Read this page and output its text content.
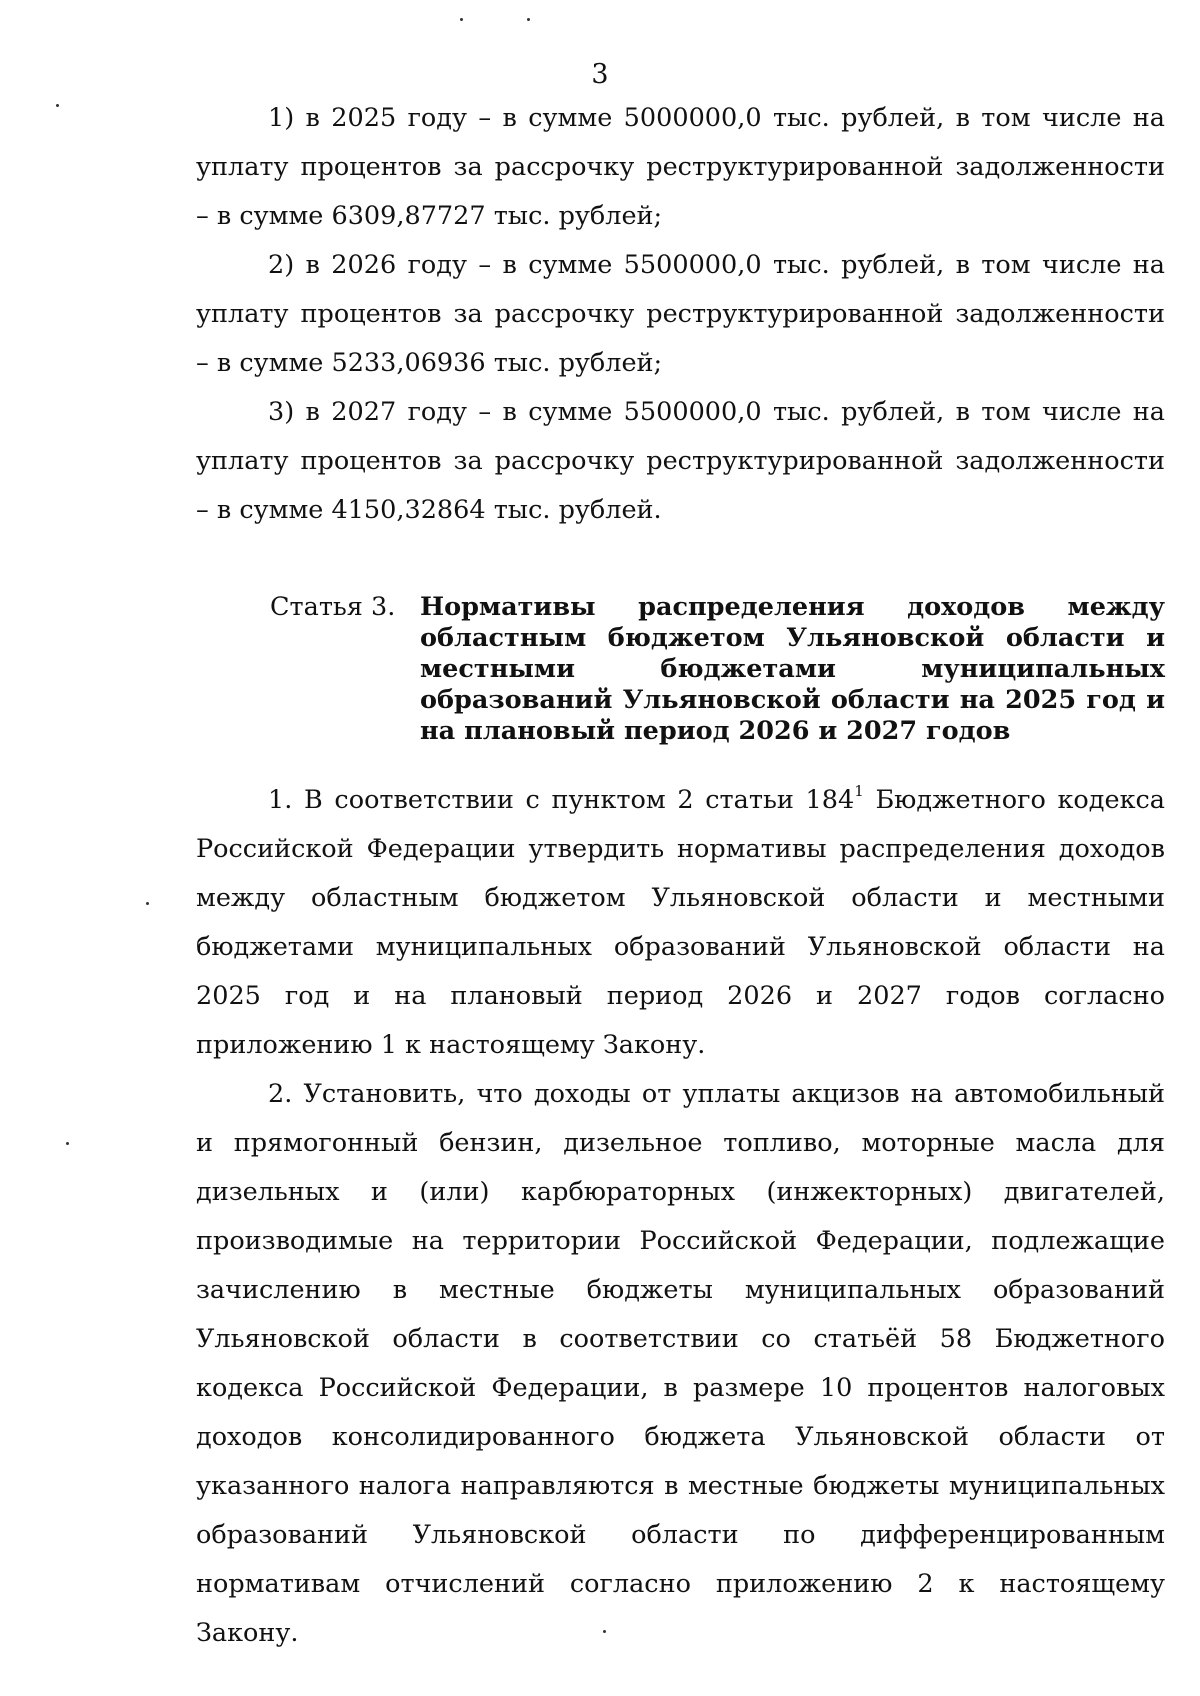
3

1) в 2025 году – в сумме 5000000,0 тыс. рублей, в том числе на уплату процентов за рассрочку реструктурированной задолженности – в сумме 6309,87727 тыс. рублей;

2) в 2026 году – в сумме 5500000,0 тыс. рублей, в том числе на уплату процентов за рассрочку реструктурированной задолженности – в сумме 5233,06936 тыс. рублей;

3) в 2027 году – в сумме 5500000,0 тыс. рублей, в том числе на уплату процентов за рассрочку реструктурированной задолженности – в сумме 4150,32864 тыс. рублей.

Статья 3. Нормативы распределения доходов между областным бюджетом Ульяновской области и местными бюджетами муниципальных образований Ульяновской области на 2025 год и на плановый период 2026 и 2027 годов

1. В соответствии с пунктом 2 статьи $184^1$ Бюджетного кодекса Российской Федерации утвердить нормативы распределения доходов между областным бюджетом Ульяновской области и местными бюджетами муниципальных образований Ульяновской области на 2025 год и на плановый период 2026 и 2027 годов согласно приложению 1 к настоящему Закону.

2. Установить, что доходы от уплаты акцизов на автомобильный и прямогонный бензин, дизельное топливо, моторные масла для дизельных и (или) карбюраторных (инжекторных) двигателей, производимые на территории Российской Федерации, подлежащие зачислению в местные бюджеты муниципальных образований Ульяновской области в соответствии со статьёй 58 Бюджетного кодекса Российской Федерации, в размере 10 процентов налоговых доходов консолидированного бюджета Ульяновской области от указанного налога направляются в местные бюджеты муниципальных образований Ульяновской области по дифференцированным нормативам отчислений согласно приложению 2 к настоящему Закону.
